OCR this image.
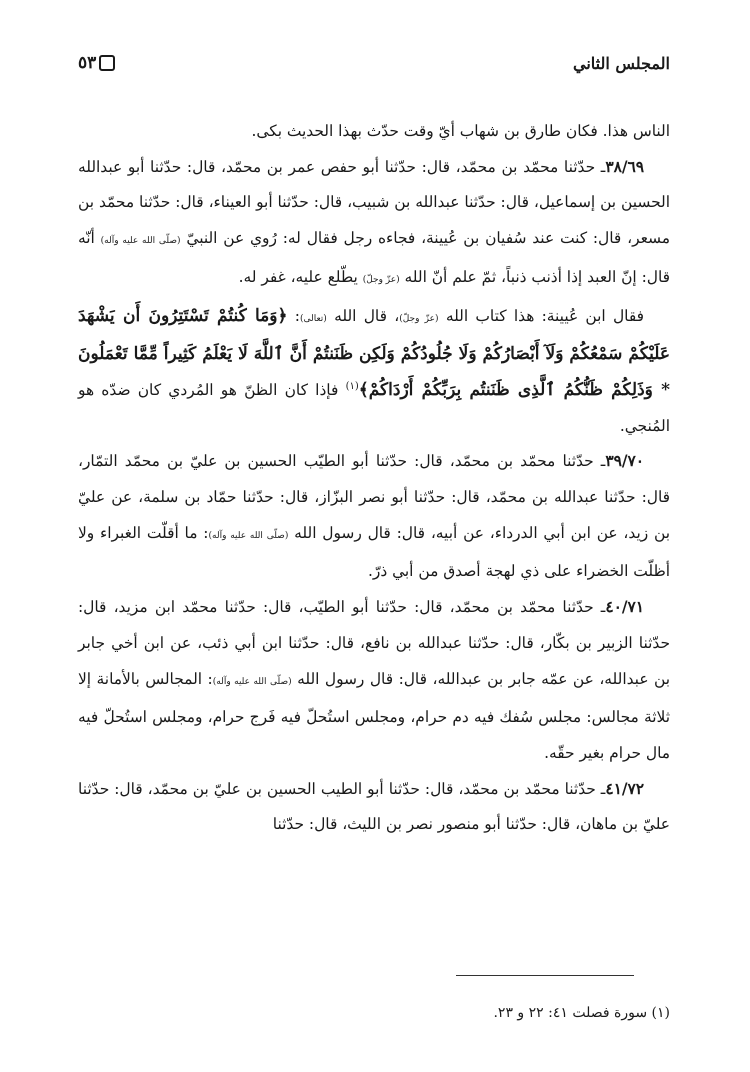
المجلس الثاني
٥٣

الناس هذا. فكان طارق بن شهاب أيّ وقت حدّث بهذا الحديث بكى.

٣٨/٦٩ـ حدّثنا محمّد بن محمّد، قال: حدّثنا أبو حفص عمر بن محمّد، قال: حدّثنا أبو عبدالله الحسين بن إسماعيل، قال: حدّثنا عبدالله بن شبيب، قال: حدّثنا أبو العيناء، قال: حدّثنا محمّد بن مسعر، قال: كنت عند سُفيان بن عُيينة، فجاءه رجل فقال له: رُوي عن النبيّ (صلّى الله عليه وآله) أنّه قال: إنّ العبد إذا أذنب ذنباً، ثمّ علم أنّ الله (عزّ وجلّ) يطّلع عليه، غفر له.

فقال ابن عُيينة: هذا كتاب الله (عزّ وجلّ)، قال الله (تعالى): ﴿وَمَا كُنتُمْ تَسْتَتِرُونَ أَن يَشْهَدَ عَلَيْكُمْ سَمْعُكُمْ وَلَآ أَبْصَارُكُمْ وَلَا جُلُودُكُمْ وَلَكِن ظَنَنتُمْ أَنَّ ٱللَّهَ لَا يَعْلَمُ كَثِيراً مِّمَّا تَعْمَلُونَ * وَذَلِكُمْ ظَنُّكُمُ ٱلَّذِى ظَنَنتُم بِرَبِّكُمْ أَرْدَاكُمْ﴾$^{(١)}$ فإذا كان الظنّ هو المُردي كان ضدّه هو المُنجي.

٣٩/٧٠ـ حدّثنا محمّد بن محمّد، قال: حدّثنا أبو الطيّب الحسين بن عليّ بن محمّد التمّار، قال: حدّثنا عبدالله بن محمّد، قال: حدّثنا أبو نصر البزّاز، قال: حدّثنا حمّاد بن سلمة، عن عليّ بن زيد، عن ابن أبي الدرداء، عن أبيه، قال: قال رسول الله (صلّى الله عليه وآله): ما أقلّت الغبراء ولا أظلّت الخضراء على ذي لهجة أصدق من أبي ذرّ.

٤٠/٧١ـ حدّثنا محمّد بن محمّد، قال: حدّثنا أبو الطيّب، قال: حدّثنا محمّد ابن مزيد، قال: حدّثنا الزبير بن بكّار، قال: حدّثنا عبدالله بن نافع، قال: حدّثنا ابن أبي ذئب، عن ابن أخي جابر بن عبدالله، عن عمّه جابر بن عبدالله، قال: قال رسول الله (صلّى الله عليه وآله): المجالس بالأمانة إلا ثلاثة مجالس: مجلس سُفك فيه دم حرام، ومجلس استُحلّ فيه فَرج حرام، ومجلس استُحلّ فيه مال حرام بغير حقّه.

٤١/٧٢ـ حدّثنا محمّد بن محمّد، قال: حدّثنا أبو الطيب الحسين بن عليّ بن محمّد، قال: حدّثنا عليّ بن ماهان، قال: حدّثنا أبو منصور نصر بن الليث، قال: حدّثنا

(١) سورة فصلت ٤١: ٢٢ و ٢٣.
